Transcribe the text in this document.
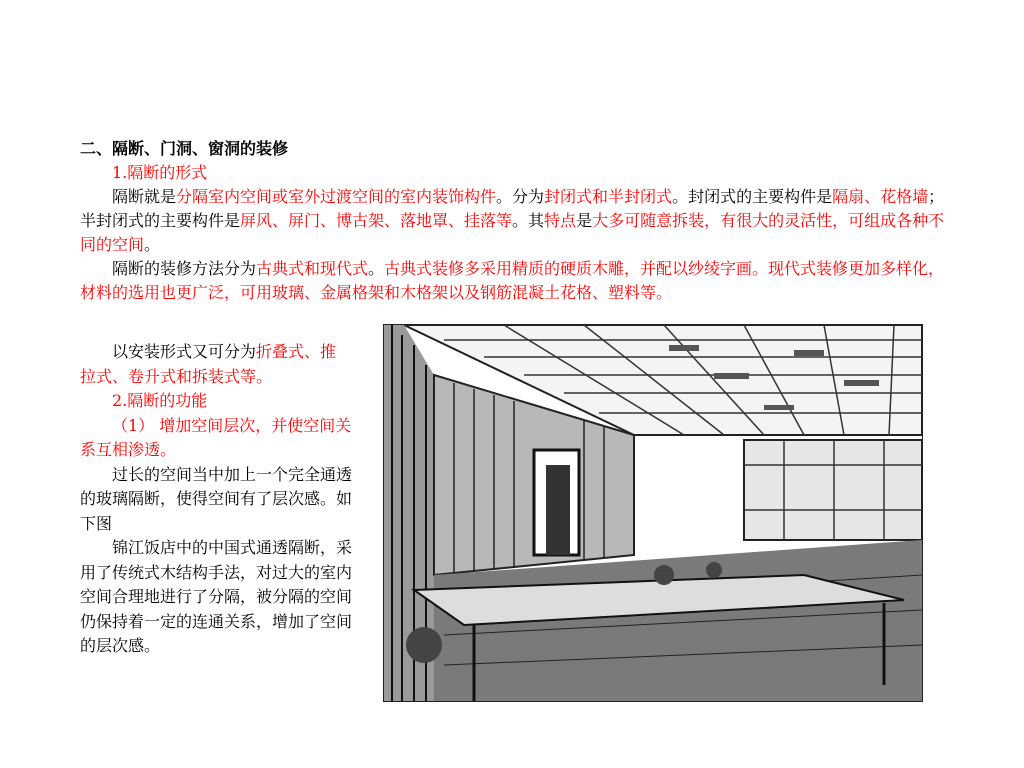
二、隔断、门洞、窗洞的装修

1.隔断的形式

隔断就是分隔室内空间或室外过渡空间的室内装饰构件。分为封闭式和半封闭式。封闭式的主要构件是隔扇、花格墙；半封闭式的主要构件是屏风、屏门、博古架、落地罩、挂落等。其特点是大多可随意拆装，有很大的灵活性，可组成各种不同的空间。

隔断的装修方法分为古典式和现代式。古典式装修多采用精质的硬质木雕，并配以纱绫字画。现代式装修更加多样化，材料的选用也更广泛，可用玻璃、金属格架和木格架以及钢筋混凝土花格、塑料等。

以安装形式又可分为折叠式、推拉式、卷升式和拆装式等。

2.隔断的功能

（1） 增加空间层次，并使空间关系互相渗透。

过长的空间当中加上一个完全通透的玻璃隔断，使得空间有了层次感。如下图

锦江饭店中的中国式通透隔断，采用了传统式木结构手法，对过大的室内空间合理地进行了分隔，被分隔的空间仍保持着一定的连通关系，增加了空间的层次感。
